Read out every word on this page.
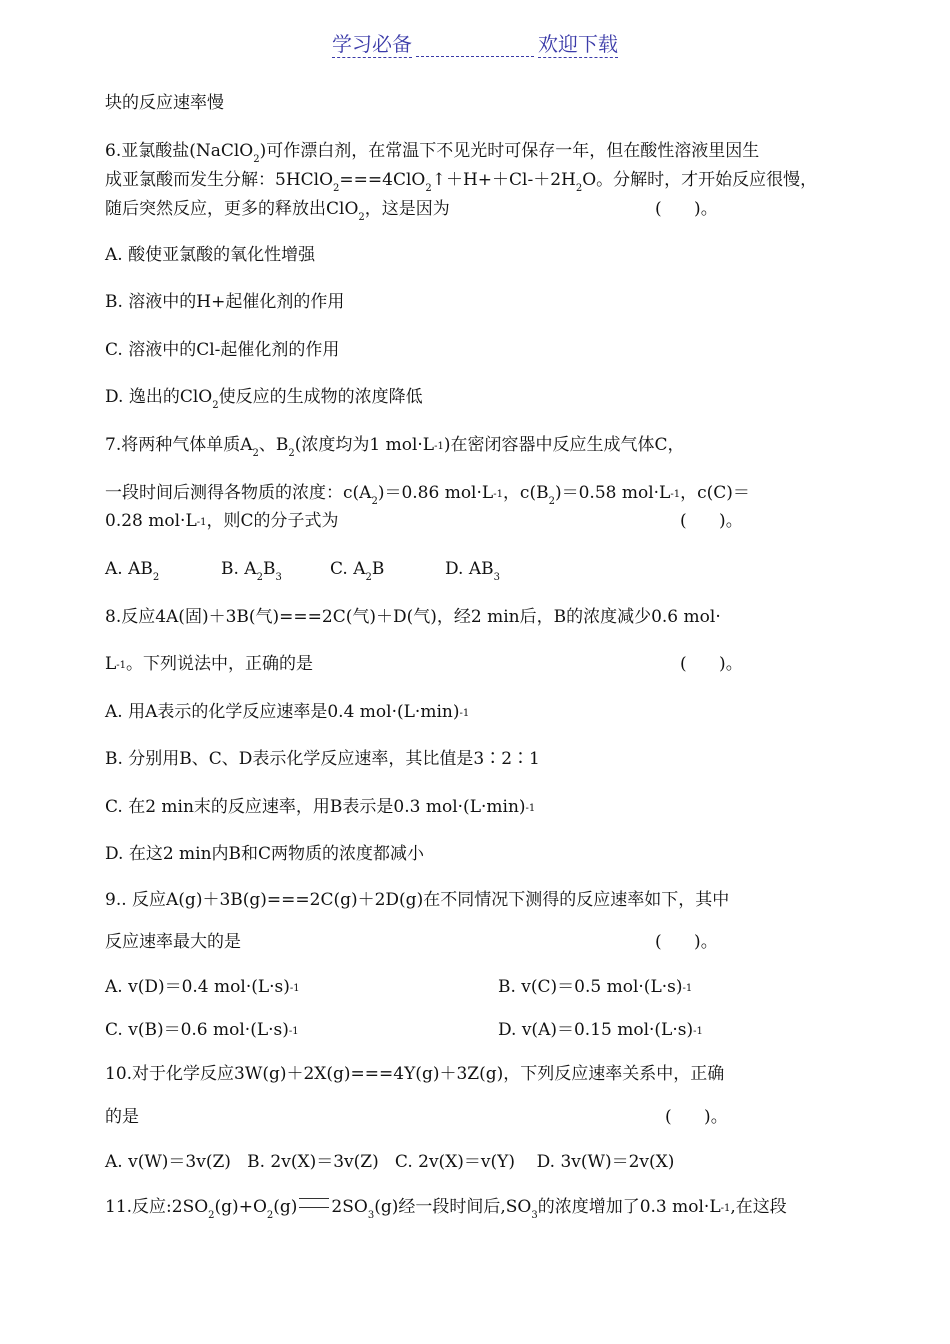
学习必备	欢迎下载
块的反应速率慢
6.亚氯酸盐(NaClO$_2$)可作漂白剂，在常温下不见光时可保存一年，但在酸性溶液里因生
成亚氯酸而发生分解：$5HClO_2===4ClO_2↑+H++Cl-+2H_2O$。分解时，才开始反应很慢，
随后突然反应，更多的释放出ClO$_2$，这是因为	(      )。
A. 酸使亚氯酸的氧化性增强
B. 溶液中的H+起催化剂的作用
C. 溶液中的Cl-起催化剂的作用
D. 逸出的ClO$_2$使反应的生成物的浓度降低
7.将两种气体单质$A_2$、$B_2$(浓度均为1 $mol\cdot L^{-1}$)在密闭容器中反应生成气体C，
一段时间后测得各物质的浓度：$c(A_2)=0.86$ $mol\cdot L^{-1}$，$c(B_2)=0.58$ $mol\cdot L^{-1}$，c(C)＝
0.28 $mol\cdot L^{-1}$，则C的分子式为	(      )。
A. $AB_2$	B. $A_2B_3$	C. $A_2B$	D. $AB_3$
8.反应4A(固)＋3B(气)===2C(气)＋D(气)，经2 min后，B的浓度减少0.6 mol·
$L^{-1}$。下列说法中，正确的是	(      )。
A. 用A表示的化学反应速率是0.4 $mol\cdot(L\cdot\min)^{-1}$
B. 分别用B、C、D表示化学反应速率，其比值是3∶2∶1
C. 在2 min末的反应速率，用B表示是0.3 $mol\cdot(L\cdot\min)^{-1}$
D. 在这2 min内B和C两物质的浓度都减小
9.. 反应A(g)＋3B(g)===2C(g)＋2D(g)在不同情况下测得的反应速率如下，其中
反应速率最大的是	(      )。
A. v(D)＝0.4 $mol\cdot(L\cdot s)^{-1}$	B. v(C)＝0.5 $mol\cdot(L\cdot s)^{-1}$
C. v(B)＝0.6 $mol\cdot(L\cdot s)^{-1}$	D. v(A)＝0.15 $mol\cdot(L\cdot s)^{-1}$
10.对于化学反应3W(g)＋2X(g)===4Y(g)＋3Z(g)，下列反应速率关系中，正确
的是	(      )。
A. v(W)＝3v(Z)   B. 2v(X)＝3v(Z)   C. 2v(X)＝v(Y)    D. 3v(W)＝2v(X)
11.反应$:2SO_2(g)+O_2(g)$ $2SO_3(g)$经一段时间后$,SO_3$的浓度增加了0.3 $mol\cdot L^{-1}$,在这段
